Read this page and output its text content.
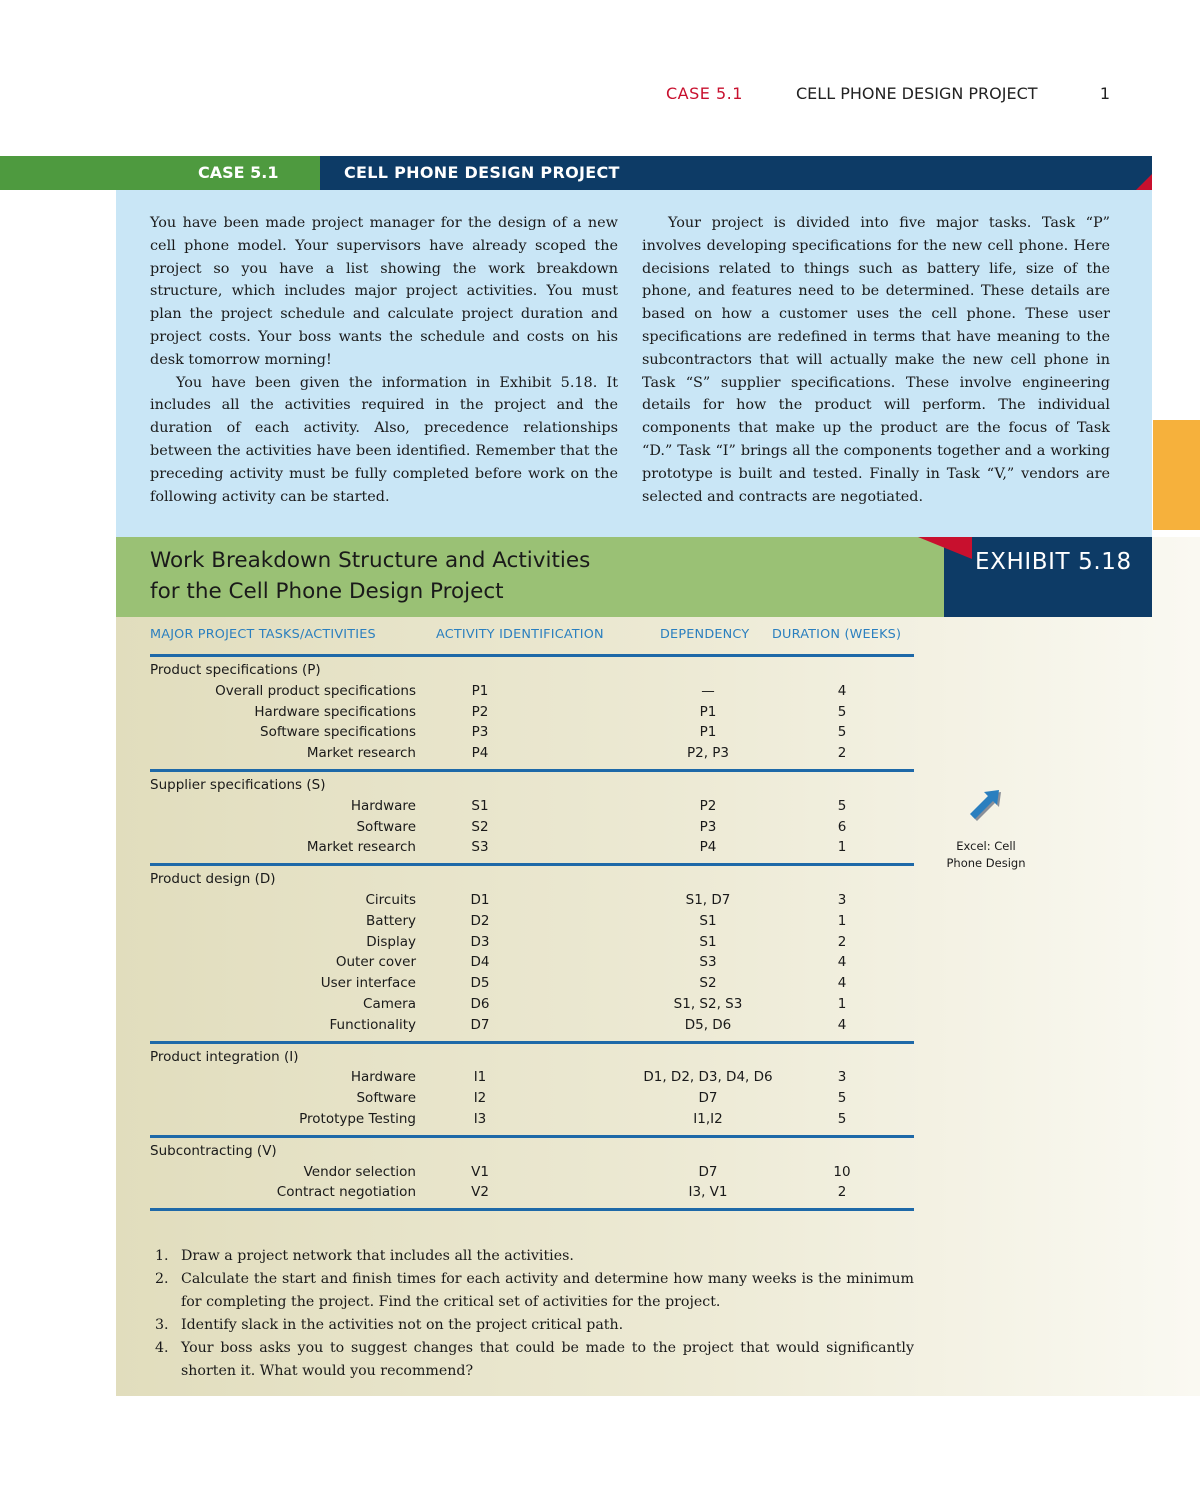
CASE 5.1	CELL PHONE DESIGN PROJECT	1
CASE 5.1	CELL PHONE DESIGN PROJECT

You have been made project manager for the design of a new cell phone model. Your supervisors have already scoped the project so you have a list showing the work breakdown structure, which includes major project activities. You must plan the project schedule and calculate project duration and project costs. Your boss wants the schedule and costs on his desk tomorrow morning!

You have been given the information in Exhibit 5.18. It includes all the activities required in the project and the duration of each activity. Also, precedence relationships between the activities have been identified. Remember that the preceding activity must be fully completed before work on the following activity can be started.

Your project is divided into five major tasks. Task “P” involves developing specifications for the new cell phone. Here decisions related to things such as battery life, size of the phone, and features need to be determined. These details are based on how a customer uses the cell phone. These user specifications are redefined in terms that have meaning to the subcontractors that will actually make the new cell phone in Task “S” supplier specifications. These involve engineering details for how the product will perform. The individual components that make up the product are the focus of Task “D.” Task “I” brings all the components together and a working prototype is built and tested. Finally in Task “V,” vendors are selected and contracts are negotiated.

Work Breakdown Structure and Activities
for the Cell Phone Design Project
EXHIBIT 5.18
MAJOR PROJECT TASKS/ACTIVITIES	ACTIVITY IDENTIFICATION	DEPENDENCY DURATION (WEEKS)
Product specifications (P)
Overall product specifications	P1	—	4
Hardware specifications	P2	P1	5
Software specifications	P3	P1	5
Market research	P4	P2, P3	2
Supplier specifications (S)
Hardware	S1	P2	5
Software	S2	P3	6
Market research	S3	P4	1
Product design (D)
Circuits	D1	S1, D7	3
Battery	D2	S1	1
Display	D3	S1	2
Outer cover	D4	S3	4
User interface	D5	S2	4
Camera	D6	S1, S2, S3	1
Functionality	D7	D5, D6	4
Product integration (I)
Hardware	I1	D1, D2, D3, D4, D6	3
Software	I2	D7	5
Prototype Testing	I3	I1,I2	5
Subcontracting (V)
Vendor selection	V1	D7	10
Contract negotiation	V2	I3, V1	2
Excel: Cell
Phone Design
1. Draw a project network that includes all the activities.
2. Calculate the start and finish times for each activity and determine how many weeks is the minimum for completing the project. Find the critical set of activities for the project.
3. Identify slack in the activities not on the project critical path.
4. Your boss asks you to suggest changes that could be made to the project that would significantly shorten it. What would you recommend?
